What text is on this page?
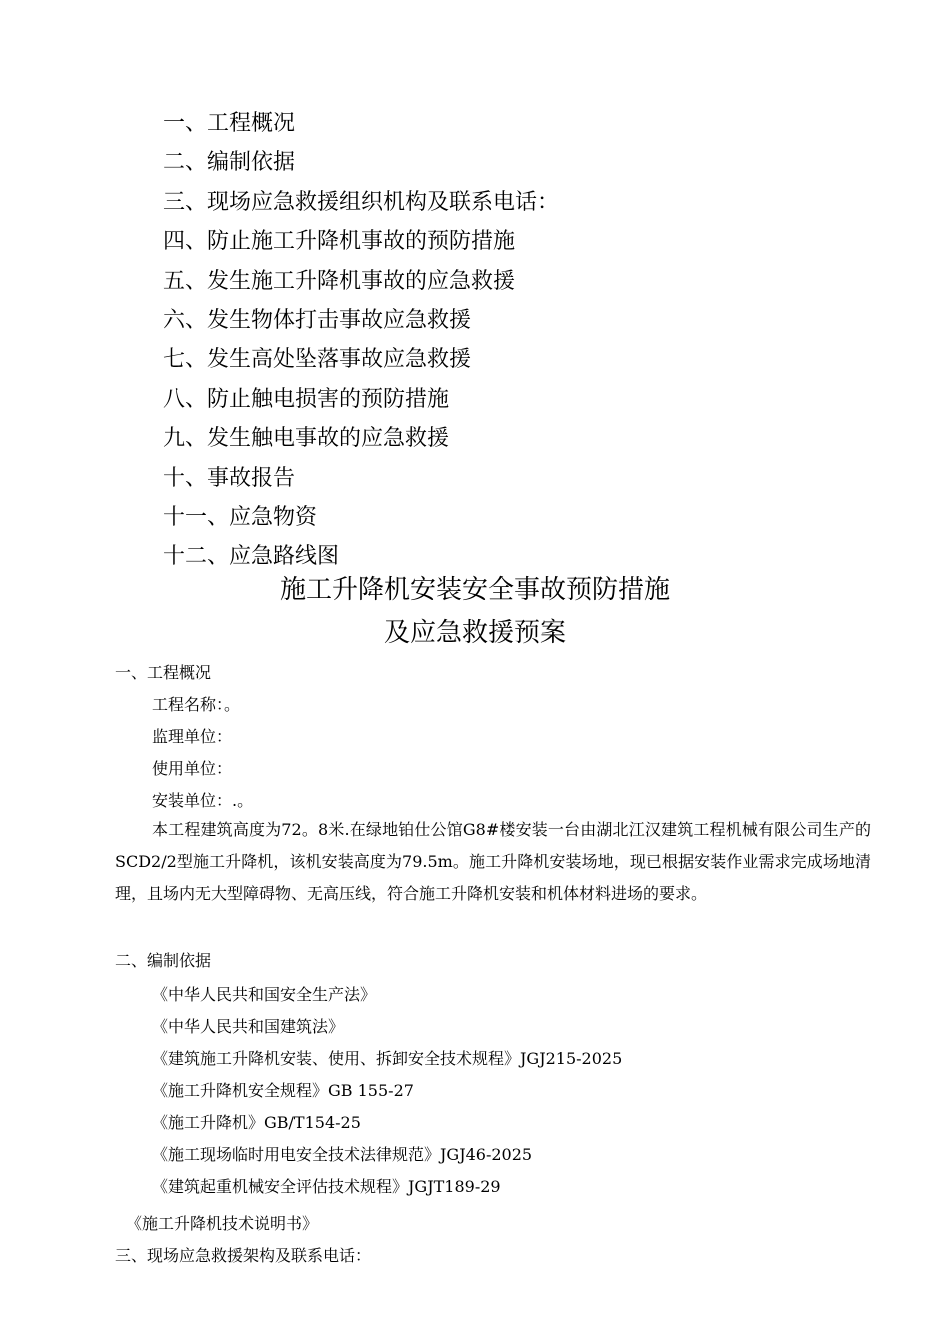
一、工程概况
二、编制依据
三、现场应急救援组织机构及联系电话：
四、防止施工升降机事故的预防措施
五、发生施工升降机事故的应急救援
六、发生物体打击事故应急救援
七、发生高处坠落事故应急救援
八、防止触电损害的预防措施
九、发生触电事故的应急救援
十、事故报告
十一、应急物资
十二、应急路线图
施工升降机安装安全事故预防措施
及应急救援预案
一、工程概况
工程名称：。
监理单位：
使用单位：
安装单位：.。
本工程建筑高度为72。8米.在绿地铂仕公馆G8#楼安装一台由湖北江汉建筑工程机械有限公司生产的SCD2/2型施工升降机，该机安装高度为79.5m。施工升降机安装场地，现已根据安装作业需求完成场地清理，且场内无大型障碍物、无高压线，符合施工升降机安装和机体材料进场的要求。
二、编制依据
《中华人民共和国安全生产法》
《中华人民共和国建筑法》
《建筑施工升降机安装、使用、拆卸安全技术规程》JGJ215-2025
《施工升降机安全规程》GB 155-27
《施工升降机》GB/T154-25
《施工现场临时用电安全技术法律规范》JGJ46-2025
《建筑起重机械安全评估技术规程》JGJT189-29
《施工升降机技术说明书》
三、现场应急救援架构及联系电话：
